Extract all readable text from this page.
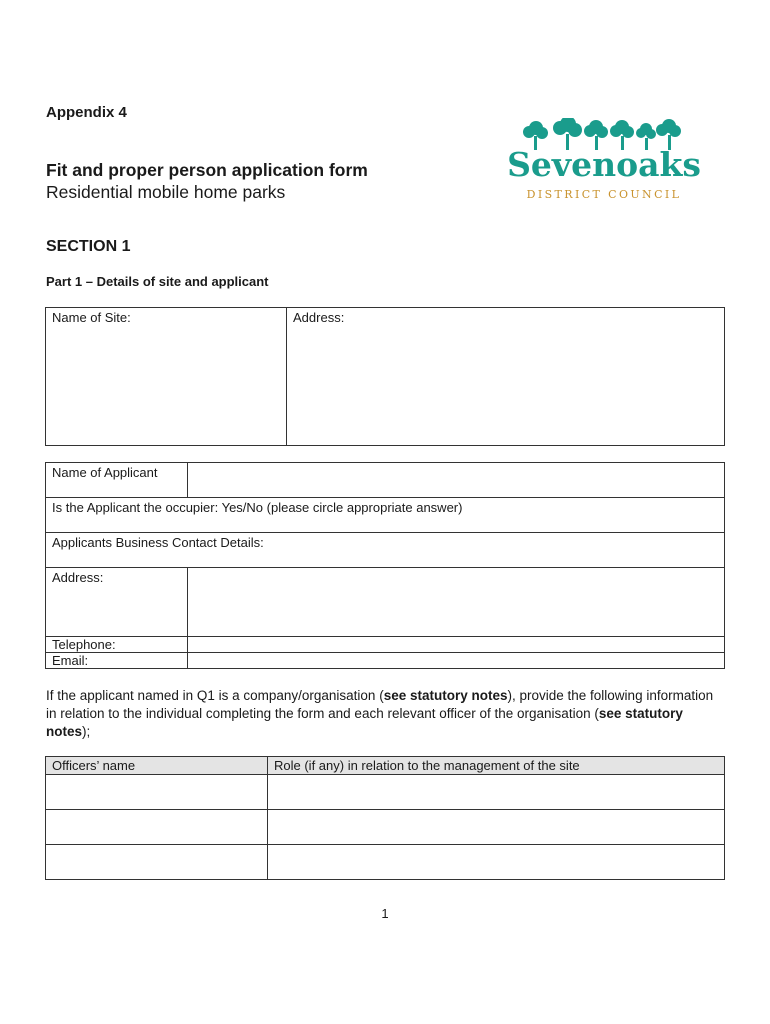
Appendix 4
Fit and proper person application form
Residential mobile home parks
Sevenoaks
DISTRICT COUNCIL
SECTION 1
Part 1 – Details of site and applicant
Name of Site:	Address:
Name of Applicant	
Is the Applicant the occupier: Yes/No (please circle appropriate answer)	
Applicants Business Contact Details:	
Address:	
Telephone:	
Email:	
If the applicant named in Q1 is a company/organisation (see statutory notes), provide the following information in relation to the individual completing the form and each relevant officer of the organisation (see statutory notes);
Officers’ name	Role (if any) in relation to the management of the site

1
